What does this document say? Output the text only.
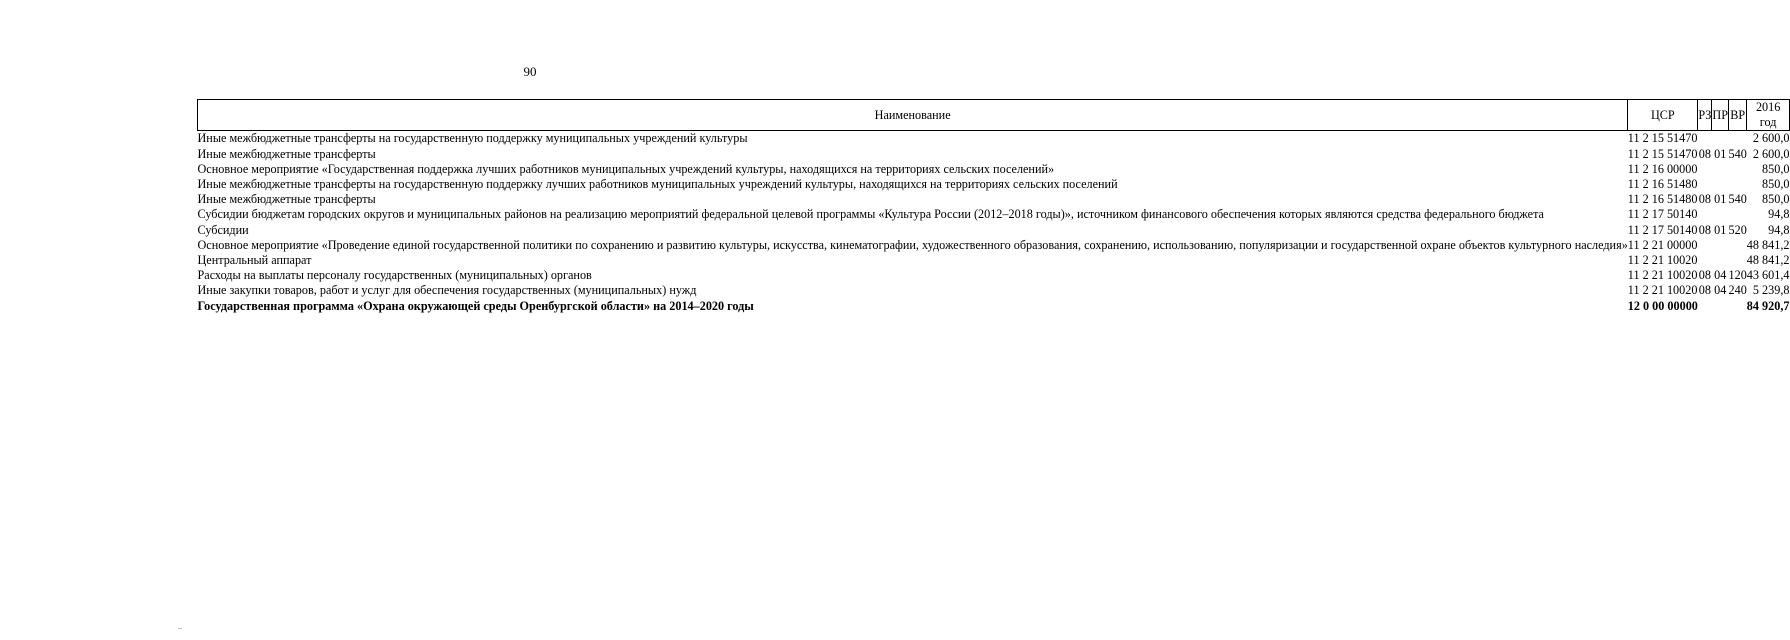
90
Наименование	ЦСР	РЗ	ПР	ВР	2016 год
Иные межбюджетные трансферты на государственную поддержку муниципальных учреждений культуры	11 2 15 51470				2 600,0
Иные межбюджетные трансферты	11 2 15 51470	08	01	540	2 600,0
Основное мероприятие «Государственная поддержка лучших работников муниципальных учреждений культуры, находящихся на территориях сельских поселений»	11 2 16 00000				850,0
Иные межбюджетные трансферты на государственную поддержку лучших работников муниципальных учреждений культуры, находящихся на территориях сельских поселений	11 2 16 51480				850,0
Иные межбюджетные трансферты	11 2 16 51480	08	01	540	850,0
Субсидии бюджетам городских округов и муниципальных районов на реализацию мероприятий федеральной целевой программы «Культура России (2012–2018 годы)», источником финансового обеспечения которых являются средства федерального бюджета	11 2 17 50140				94,8
Субсидии	11 2 17 50140	08	01	520	94,8
Основное мероприятие «Проведение единой государственной политики по сохранению и развитию культуры, искусства, кинематографии, художественного образования, сохранению, использованию, популяризации и государственной охране объектов культурного наследия»	11 2 21 00000				48 841,2
Центральный аппарат	11 2 21 10020				48 841,2
Расходы на выплаты персоналу государственных (муниципальных) органов	11 2 21 10020	08	04	120	43 601,4
Иные закупки товаров, работ и услуг для обеспечения государственных (муниципальных) нужд	11 2 21 10020	08	04	240	5 239,8
Государственная программа «Охрана окружающей среды Оренбургской области» на 2014–2020 годы	12 0 00 00000				84 920,7
